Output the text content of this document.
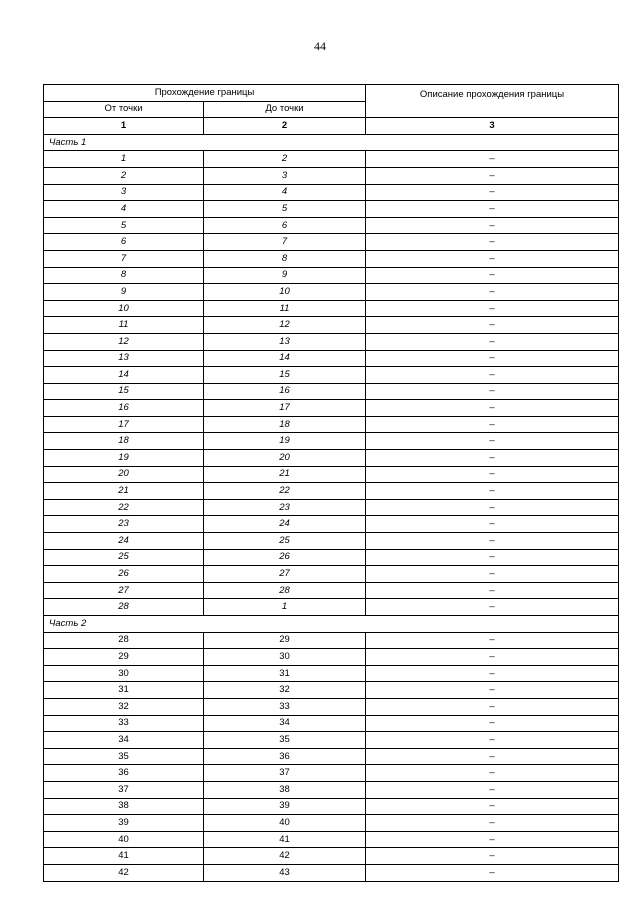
44
Прохождение границы		Описание прохождения границы
От точки	До точки	
1	2	3
Часть 1		
1	2	–
2	3	–
3	4	–
4	5	–
5	6	–
6	7	–
7	8	–
8	9	–
9	10	–
10	11	–
11	12	–
12	13	–
13	14	–
14	15	–
15	16	–
16	17	–
17	18	–
18	19	–
19	20	–
20	21	–
21	22	–
22	23	–
23	24	–
24	25	–
25	26	–
26	27	–
27	28	–
28	1	–
Часть 2		
28	29	–
29	30	–
30	31	–
31	32	–
32	33	–
33	34	–
34	35	–
35	36	–
36	37	–
37	38	–
38	39	–
39	40	–
40	41	–
41	42	–
42	43	–
